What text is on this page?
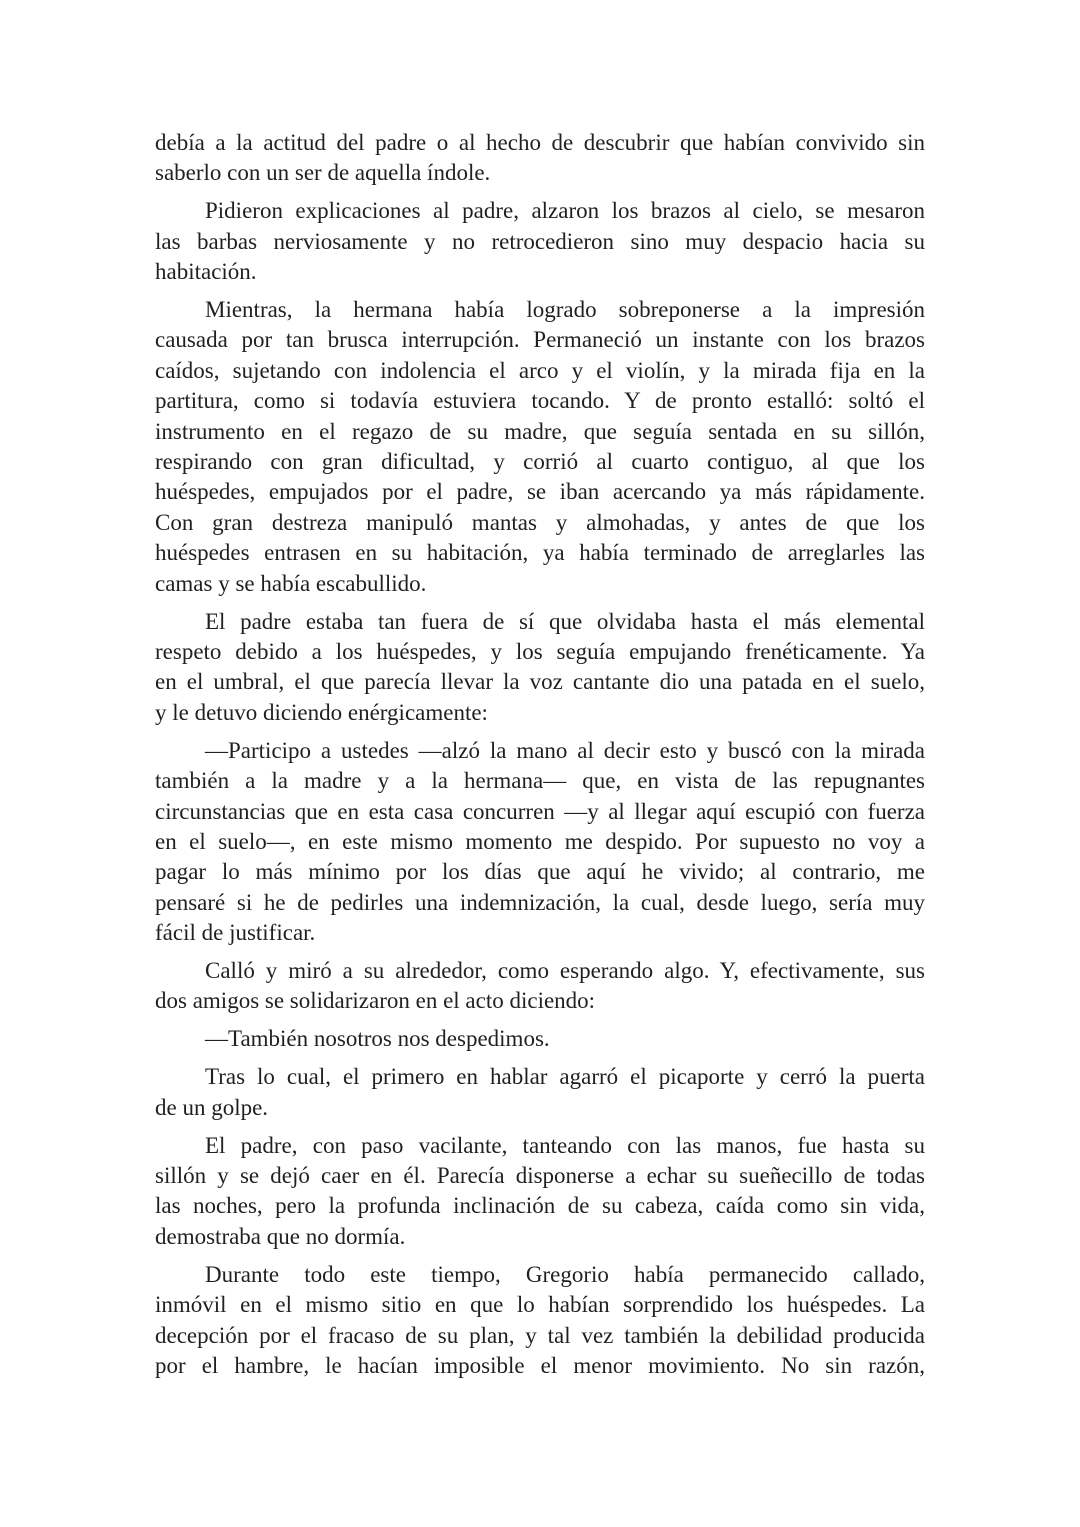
debía a la actitud del padre o al hecho de descubrir que habían convivido sin
saberlo con un ser de aquella índole.

Pidieron explicaciones al padre, alzaron los brazos al cielo, se mesaron
las barbas nerviosamente y no retrocedieron sino muy despacio hacia su
habitación.

Mientras, la hermana había logrado sobreponerse a la impresión
causada por tan brusca interrupción. Permaneció un instante con los brazos
caídos, sujetando con indolencia el arco y el violín, y la mirada fija en la
partitura, como si todavía estuviera tocando. Y de pronto estalló: soltó el
instrumento en el regazo de su madre, que seguía sentada en su sillón,
respirando con gran dificultad, y corrió al cuarto contiguo, al que los
huéspedes, empujados por el padre, se iban acercando ya más rápidamente.
Con gran destreza manipuló mantas y almohadas, y antes de que los
huéspedes entrasen en su habitación, ya había terminado de arreglarles las
camas y se había escabullido.

El padre estaba tan fuera de sí que olvidaba hasta el más elemental
respeto debido a los huéspedes, y los seguía empujando frenéticamente. Ya
en el umbral, el que parecía llevar la voz cantante dio una patada en el suelo,
y le detuvo diciendo enérgicamente:

—Participo a ustedes —alzó la mano al decir esto y buscó con la mirada
también a la madre y a la hermana— que, en vista de las repugnantes
circunstancias que en esta casa concurren —y al llegar aquí escupió con fuerza
en el suelo—, en este mismo momento me despido. Por supuesto no voy a
pagar lo más mínimo por los días que aquí he vivido; al contrario, me
pensaré si he de pedirles una indemnización, la cual, desde luego, sería muy
fácil de justificar.

Calló y miró a su alrededor, como esperando algo. Y, efectivamente, sus
dos amigos se solidarizaron en el acto diciendo:

—También nosotros nos despedimos.

Tras lo cual, el primero en hablar agarró el picaporte y cerró la puerta
de un golpe.

El padre, con paso vacilante, tanteando con las manos, fue hasta su
sillón y se dejó caer en él. Parecía disponerse a echar su sueñecillo de todas
las noches, pero la profunda inclinación de su cabeza, caída como sin vida,
demostraba que no dormía.

Durante todo este tiempo, Gregorio había permanecido callado,
inmóvil en el mismo sitio en que lo habían sorprendido los huéspedes. La
decepción por el fracaso de su plan, y tal vez también la debilidad producida
por el hambre, le hacían imposible el menor movimiento. No sin razón,
